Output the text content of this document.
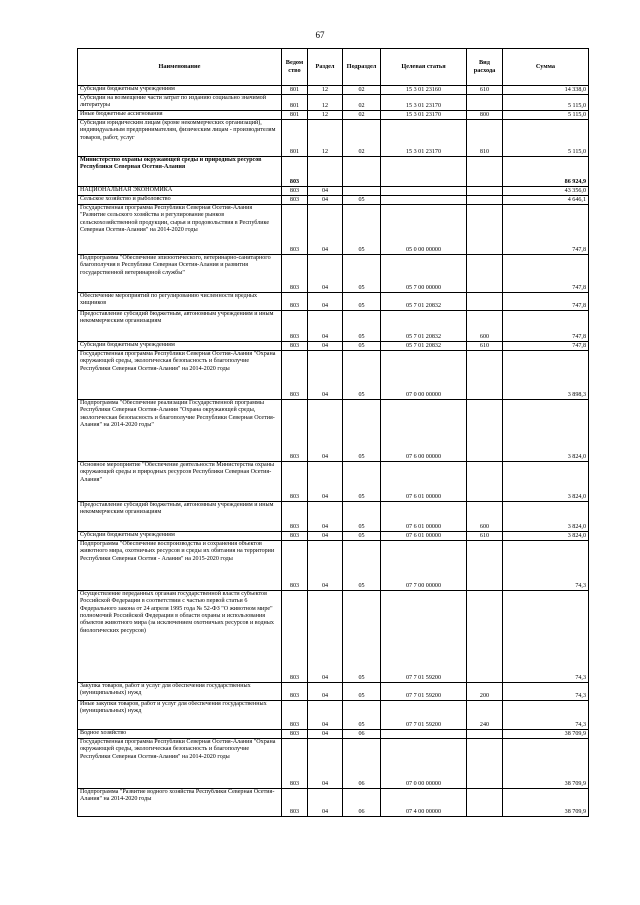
67
Наименование	Ведом ство	Раздел	Подраздел	Целевая статья	Вид расхода	Сумма
Субсидии бюджетным учреждениям	801	12	02	15 3 01 23160	610	14 338,0
Субсидии на возмещение части затрат по изданию социально значимой литературы	801	12	02	15 3 01 23170		5 115,0
Иные бюджетные ассигнования	801	12	02	15 3 01 23170	800	5 115,0
Субсидии юридическим лицам (кроме некоммерческих организаций), индивидуальным предпринимателям, физическим лицам - производителям товаров, работ, услуг	801	12	02	15 3 01 23170	810	5 115,0
Министерство охраны окружающей среды и природных ресурсов Республики Северная Осетия-Алания	803					86 924,9
НАЦИОНАЛЬНАЯ ЭКОНОМИКА	803	04				43 356,0
Сельское хозяйство и рыболовство	803	04	05			4 646,1
Государственная программа Республики Северная Осетия-Алания "Развитие сельского хозяйства и регулирование рынков сельскохозяйственной продукции, сырья и продовольствия в Республике Северная Осетия-Алания" на 2014-2020 годы	803	04	05	05 0 00 00000		747,8
Подпрограмма "Обеспечение эпизоотического, ветеринарно-санитарного благополучия в Республике Северная Осетия-Алания и развития государственной ветеринарной службы"	803	04	05	05 7 00 00000		747,8
Обеспечение мероприятий по регулированию численности вредных хищников	803	04	05	05 7 01 20832		747,8
Предоставление субсидий бюджетным, автономным учреждениям и иным некоммерческим организациям	803	04	05	05 7 01 20832	600	747,8
Субсидии бюджетным учреждениям	803	04	05	05 7 01 20832	610	747,8
Государственная программа Республики Северная Осетия-Алания "Охрана окружающей среды, экологическая безопасность и благополучие Республики Северная Осетия-Алания" на 2014-2020 годы	803	04	05	07 0 00 00000		3 898,3
Подпрограмма "Обеспечение реализации Государственной программы Республики Северная Осетия-Алания "Охрана окружающей среды, экологическая безопасность и благополучие Республики Северная Осетия-Алания" на 2014-2020 годы"	803	04	05	07 6 00 00000		3 824,0
Основное мероприятие "Обеспечение деятельности Министерства охраны окружающей среды и природных ресурсов Республики Северная Осетия-Алания"	803	04	05	07 6 01 00000		3 824,0
Предоставление субсидий бюджетным, автономным учреждениям и иным некоммерческим организациям	803	04	05	07 6 01 00000	600	3 824,0
Субсидии бюджетным учреждениям	803	04	05	07 6 01 00000	610	3 824,0
Подпрограмма "Обеспечение воспроизводства и сохранения объектов животного мира, охотничьих ресурсов и среды их обитания на территории Республики Северная Осетия - Алания" на 2015-2020 годы	803	04	05	07 7 00 00000		74,3
Осуществление переданных органам государственной власти субъектов Российской Федерации в соответствии с частью первой статьи 6 Федерального закона от 24 апреля 1995 года № 52-ФЗ "О животном мире" полномочий Российской Федерации в области охраны и использования объектов животного мира (за исключением охотничьих ресурсов и водных биологических ресурсов)	803	04	05	07 7 01 59200		74,3
Закупка товаров, работ и услуг для обеспечения государственных (муниципальных) нужд	803	04	05	07 7 01 59200	200	74,3
Иные закупки товаров, работ и услуг для обеспечения государственных (муниципальных) нужд	803	04	05	07 7 01 59200	240	74,3
Водное хозяйство	803	04	06			38 709,9
Государственная программа Республики Северная Осетия-Алания "Охрана окружающей среды, экологическая безопасность и благополучие Республики Северная Осетия-Алания" на 2014-2020 годы	803	04	06	07 0 00 00000		38 709,9
Подпрограмма "Развитие водного хозяйства Республики Северная Осетия-Алания" на 2014-2020 годы	803	04	06	07 4 00 00000		38 709,9
